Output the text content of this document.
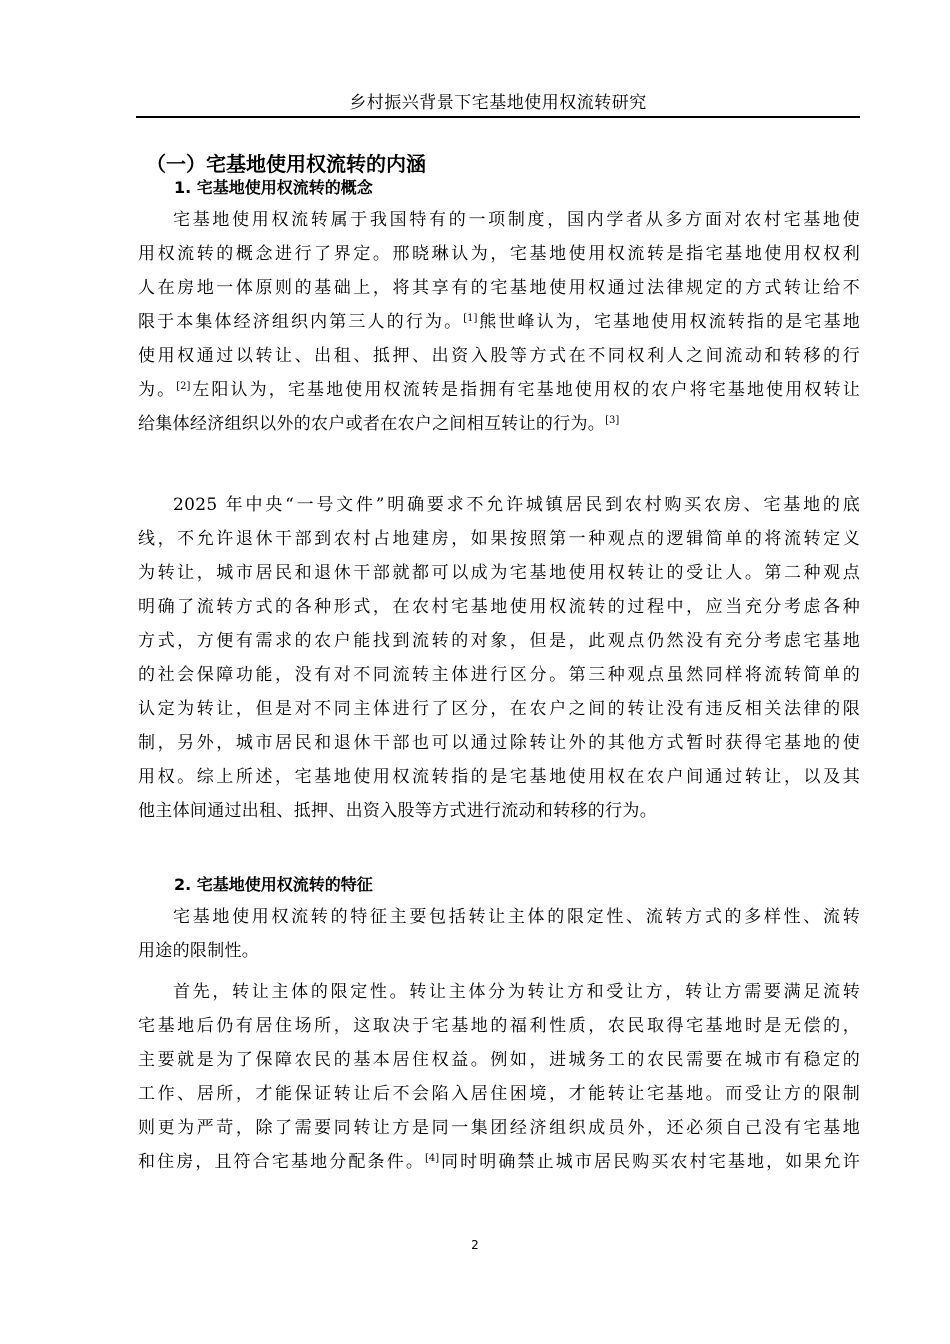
乡村振兴背景下宅基地使用权流转研究
（一）宅基地使用权流转的内涵
1. 宅基地使用权流转的概念
宅基地使用权流转属于我国特有的一项制度，国内学者从多方面对农村宅基地使
用权流转的概念进行了界定。邢晓琳认为，宅基地使用权流转是指宅基地使用权权利
人在房地一体原则的基础上，将其享有的宅基地使用权通过法律规定的方式转让给不
限于本集体经济组织内第三人的行为。[1]熊世峰认为，宅基地使用权流转指的是宅基地
使用权通过以转让、出租、抵押、出资入股等方式在不同权利人之间流动和转移的行
为。[2]左阳认为，宅基地使用权流转是指拥有宅基地使用权的农户将宅基地使用权转让
给集体经济组织以外的农户或者在农户之间相互转让的行为。[3]
2025 年中央“一号文件”明确要求不允许城镇居民到农村购买农房、宅基地的底
线，不允许退休干部到农村占地建房，如果按照第一种观点的逻辑简单的将流转定义
为转让，城市居民和退休干部就都可以成为宅基地使用权转让的受让人。第二种观点
明确了流转方式的各种形式，在农村宅基地使用权流转的过程中，应当充分考虑各种
方式，方便有需求的农户能找到流转的对象，但是，此观点仍然没有充分考虑宅基地
的社会保障功能，没有对不同流转主体进行区分。第三种观点虽然同样将流转简单的
认定为转让，但是对不同主体进行了区分，在农户之间的转让没有违反相关法律的限
制，另外，城市居民和退休干部也可以通过除转让外的其他方式暂时获得宅基地的使
用权。综上所述，宅基地使用权流转指的是宅基地使用权在农户间通过转让，以及其
他主体间通过出租、抵押、出资入股等方式进行流动和转移的行为。
2. 宅基地使用权流转的特征
宅基地使用权流转的特征主要包括转让主体的限定性、流转方式的多样性、流转
用途的限制性。
首先，转让主体的限定性。转让主体分为转让方和受让方，转让方需要满足流转
宅基地后仍有居住场所，这取决于宅基地的福利性质，农民取得宅基地时是无偿的，
主要就是为了保障农民的基本居住权益。例如，进城务工的农民需要在城市有稳定的
工作、居所，才能保证转让后不会陷入居住困境，才能转让宅基地。而受让方的限制
则更为严苛，除了需要同转让方是同一集团经济组织成员外，还必须自己没有宅基地
和住房，且符合宅基地分配条件。[4]同时明确禁止城市居民购买农村宅基地，如果允许
2
